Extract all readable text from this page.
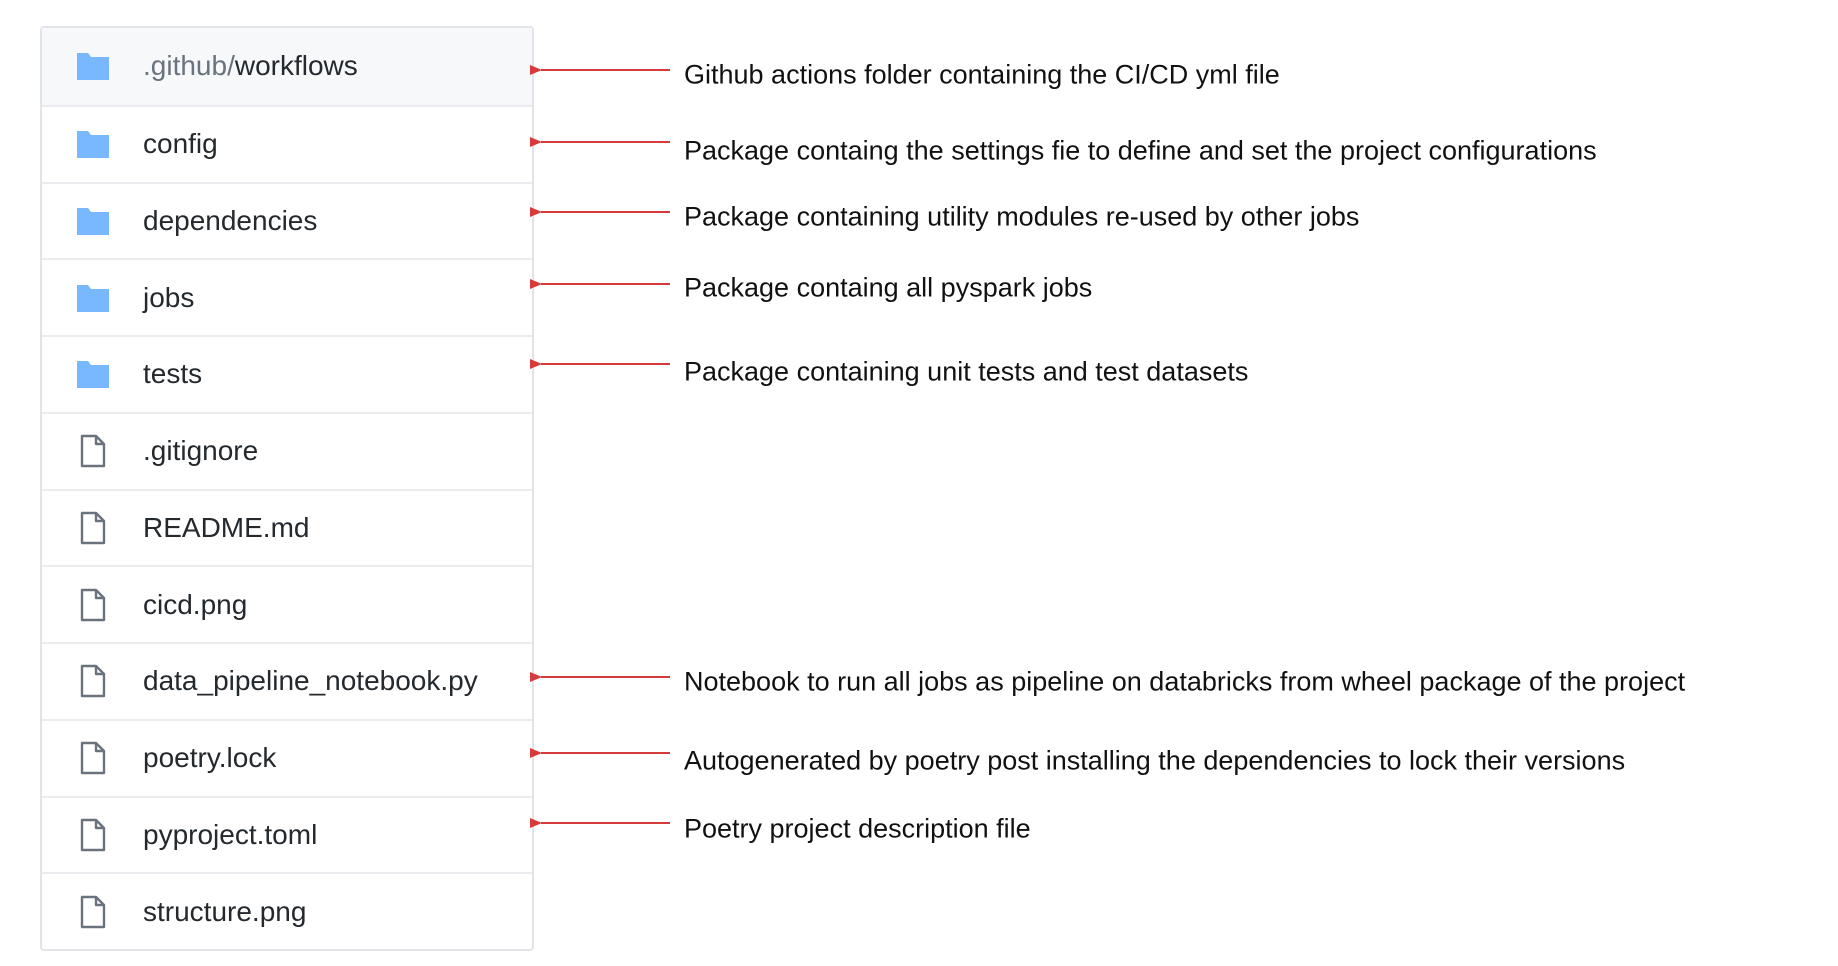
.github/workflows
config
dependencies
jobs
tests
.gitignore
README.md
cicd.png
data_pipeline_notebook.py
poetry.lock
pyproject.toml
structure.png
Github actions folder containing the CI/CD yml file
Package containg the settings fie to define and set the project configurations
Package containing utility modules re-used by other jobs
Package containg all pyspark jobs
Package containing unit tests and test datasets
Notebook to run all jobs as pipeline on databricks from wheel package of the project
Autogenerated by poetry post installing the dependencies to lock their versions
Poetry project description file
